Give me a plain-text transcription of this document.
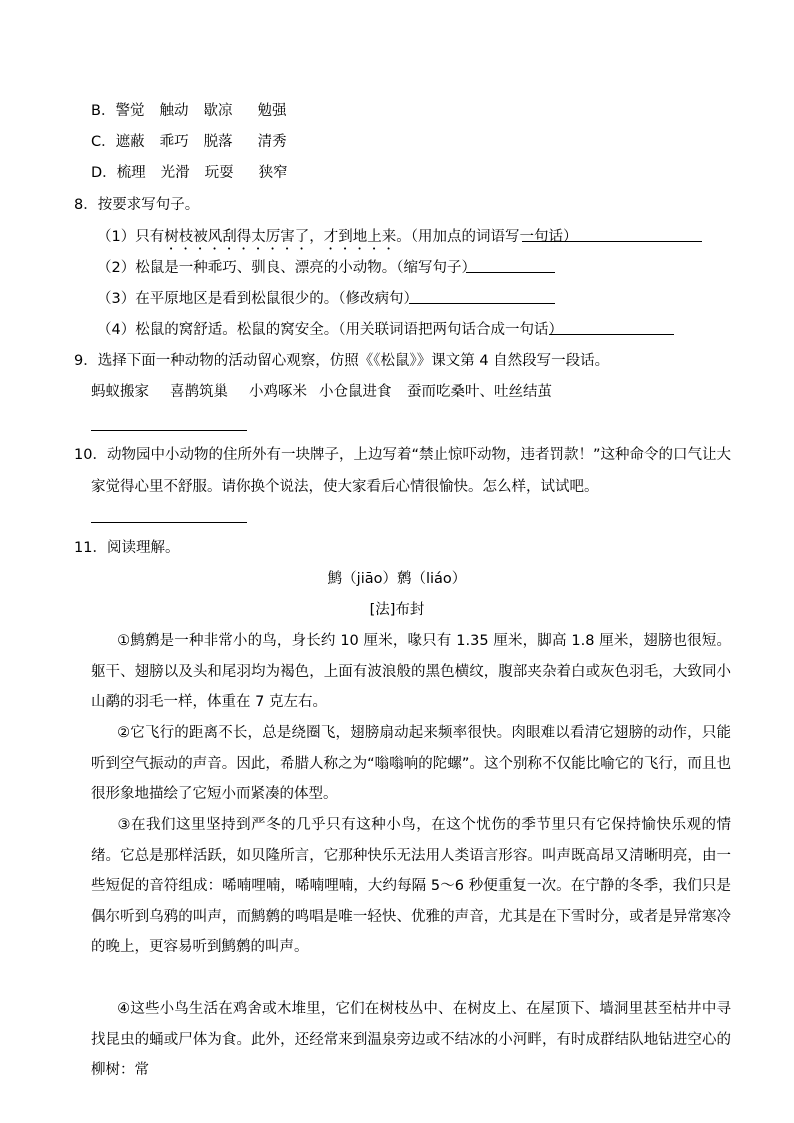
B．警觉 触动 歇凉 勉强
C．遮蔽 乖巧 脱落 清秀
D．梳理 光滑 玩耍 狭窄
8．按要求写句子。
（1）只有树枝被风刮得太厉害了，才到地上来。（用加点的词语写一句话）
（2）松鼠是一种乖巧、驯良、漂亮的小动物。（缩写句子）
（3）在平原地区是看到松鼠很少的。（修改病句）
（4）松鼠的窝舒适。松鼠的窝安全。（用关联词语把两句话合成一句话）
9．选择下面一种动物的活动留心观察，仿照《《松鼠》》课文第 4 自然段写一段话。
蚂蚁搬家 喜鹊筑巢 小鸡啄米 小仓鼠进食 蚕而吃桑叶、吐丝结茧
10．动物园中小动物的住所外有一块牌子，上边写着“禁止惊吓动物，违者罚款！”这种命令的口气让大
家觉得心里不舒服。请你换个说法，使大家看后心情很愉快。怎么样，试试吧。
11．阅读理解。
鹪（jiāo）鹩（liáo）
[法]布封
①鹪鹩是一种非常小的鸟，身长约 10 厘米，喙只有 1.35 厘米，脚高 1.8 厘米，翅膀也很短。躯干、翅膀以及头和尾羽均为褐色，上面有波浪般的黑色横纹，腹部夹杂着白或灰色羽毛，大致同小山鹬的羽毛一样，体重在 7 克左右。
②它飞行的距离不长，总是绕圈飞，翅膀扇动起来频率很快。肉眼难以看清它翅膀的动作，只能听到空气振动的声音。因此，希腊人称之为“嗡嗡响的陀螺”。这个别称不仅能比喻它的飞行，而且也很形象地描绘了它短小而紧凑的体型。
③在我们这里坚持到严冬的几乎只有这种小鸟，在这个忧伤的季节里只有它保持愉快乐观的情绪。它总是那样活跃，如贝隆所言，它那种快乐无法用人类语言形容。叫声既高昂又清晰明亮，由一些短促的音符组成：唏喃哩喃，唏喃哩喃，大约每隔 5～6 秒便重复一次。在宁静的冬季，我们只是偶尔听到乌鸦的叫声，而鹪鹩的鸣唱是唯一轻快、优雅的声音，尤其是在下雪时分，或者是异常寒冷的晚上，更容易听到鹪鹩的叫声。
④这些小鸟生活在鸡舍或木堆里，它们在树枝丛中、在树皮上、在屋顶下、墙洞里甚至枯井中寻找昆虫的蛹或尸体为食。此外，还经常来到温泉旁边或不结冰的小河畔，有时成群结队地钻进空心的柳树：常
